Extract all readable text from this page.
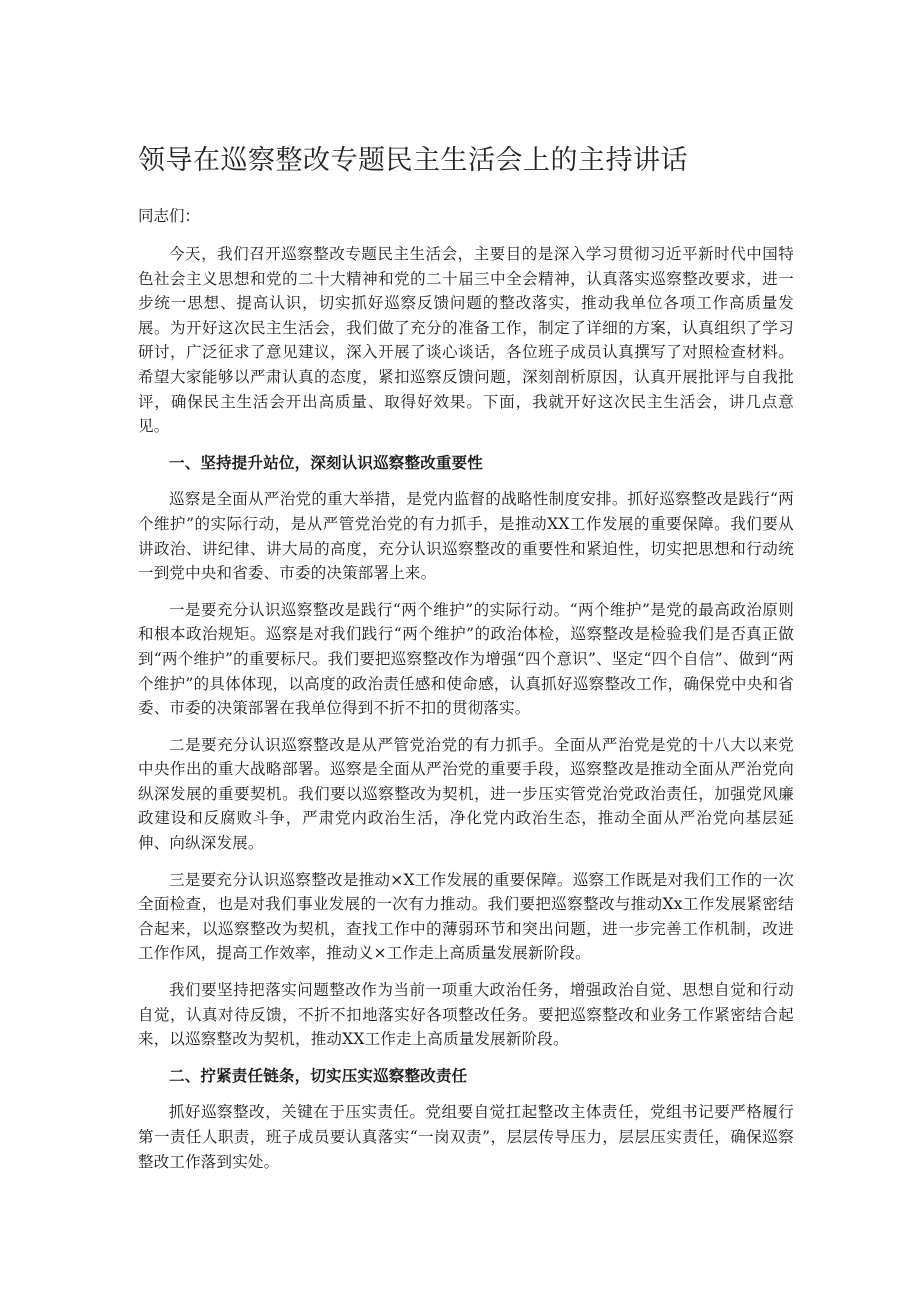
领导在巡察整改专题民主生活会上的主持讲话

同志们：

今天，我们召开巡察整改专题民主生活会，主要目的是深入学习贯彻习近平新时代中国特色社会主义思想和党的二十大精神和党的二十届三中全会精神，认真落实巡察整改要求，进一步统一思想、提高认识，切实抓好巡察反馈问题的整改落实，推动我单位各项工作高质量发展。为开好这次民主生活会，我们做了充分的准备工作，制定了详细的方案，认真组织了学习研讨，广泛征求了意见建议，深入开展了谈心谈话，各位班子成员认真撰写了对照检查材料。希望大家能够以严肃认真的态度，紧扣巡察反馈问题，深刻剖析原因，认真开展批评与自我批评，确保民主生活会开出高质量、取得好效果。下面，我就开好这次民主生活会，讲几点意见。

一、坚持提升站位，深刻认识巡察整改重要性

巡察是全面从严治党的重大举措，是党内监督的战略性制度安排。抓好巡察整改是践行“两个维护”的实际行动，是从严管党治党的有力抓手，是推动XX工作发展的重要保障。我们要从讲政治、讲纪律、讲大局的高度，充分认识巡察整改的重要性和紧迫性，切实把思想和行动统一到党中央和省委、市委的决策部署上来。

一是要充分认识巡察整改是践行“两个维护”的实际行动。“两个维护”是党的最高政治原则和根本政治规矩。巡察是对我们践行“两个维护”的政治体检，巡察整改是检验我们是否真正做到“两个维护”的重要标尺。我们要把巡察整改作为增强“四个意识”、坚定“四个自信”、做到“两个维护”的具体体现，以高度的政治责任感和使命感，认真抓好巡察整改工作，确保党中央和省委、市委的决策部署在我单位得到不折不扣的贯彻落实。

二是要充分认识巡察整改是从严管党治党的有力抓手。全面从严治党是党的十八大以来党中央作出的重大战略部署。巡察是全面从严治党的重要手段，巡察整改是推动全面从严治党向纵深发展的重要契机。我们要以巡察整改为契机，进一步压实管党治党政治责任，加强党风廉政建设和反腐败斗争，严肃党内政治生活，净化党内政治生态，推动全面从严治党向基层延伸、向纵深发展。

三是要充分认识巡察整改是推动×X工作发展的重要保障。巡察工作既是对我们工作的一次全面检查，也是对我们事业发展的一次有力推动。我们要把巡察整改与推动Xx工作发展紧密结合起来，以巡察整改为契机，查找工作中的薄弱环节和突出问题，进一步完善工作机制，改进工作作风，提高工作效率，推动义×工作走上高质量发展新阶段。

我们要坚持把落实问题整改作为当前一项重大政治任务，增强政治自觉、思想自觉和行动自觉，认真对待反馈，不折不扣地落实好各项整改任务。要把巡察整改和业务工作紧密结合起来，以巡察整改为契机，推动XX工作走上高质量发展新阶段。

二、拧紧责任链条，切实压实巡察整改责任

抓好巡察整改，关键在于压实责任。党组要自觉扛起整改主体责任，党组书记要严格履行第一责任人职责，班子成员要认真落实“一岗双责”，层层传导压力，层层压实责任，确保巡察整改工作落到实处。
